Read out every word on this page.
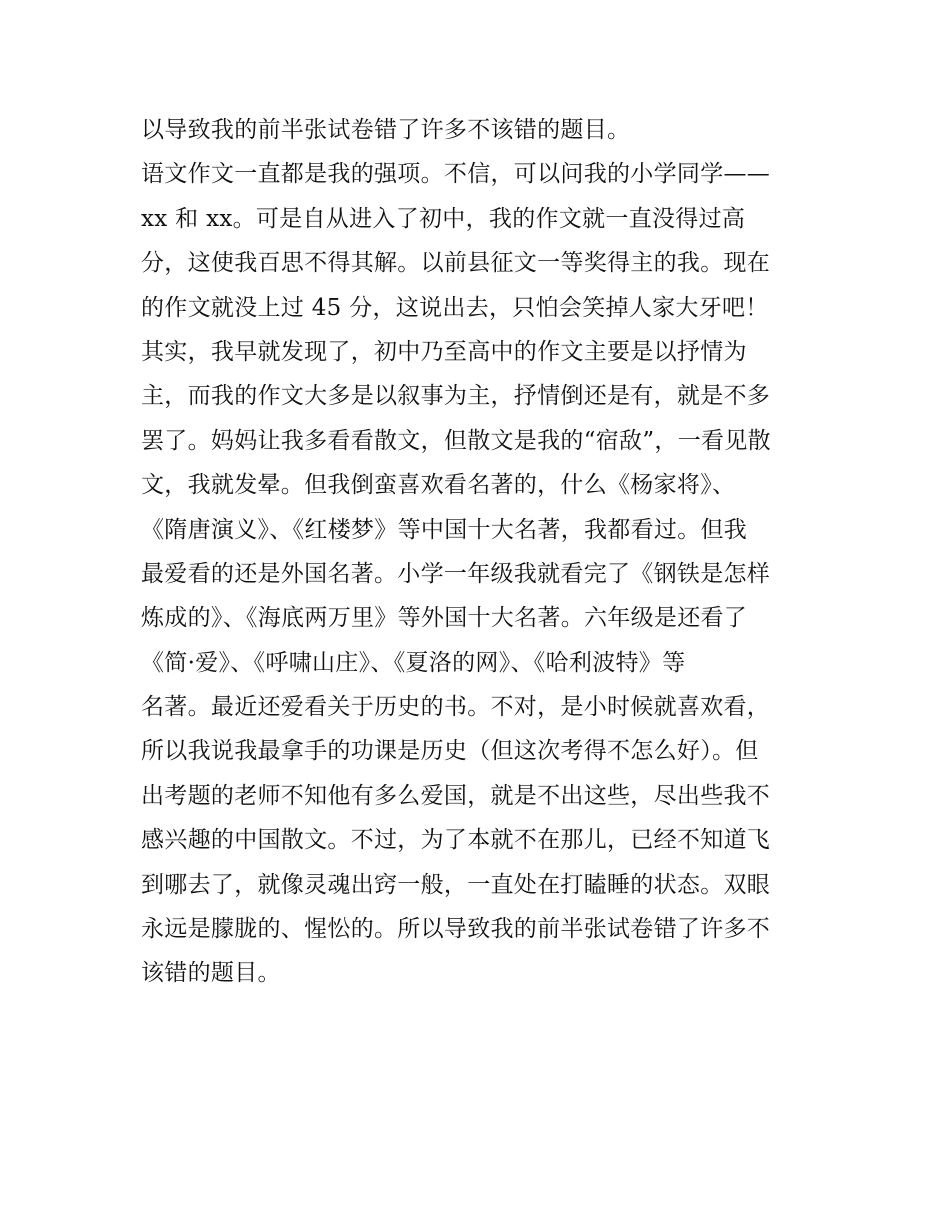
以导致我的前半张试卷错了许多不该错的题目。
语文作文一直都是我的强项。不信，可以问我的小学同学——
xx 和 xx。可是自从进入了初中，我的作文就一直没得过高
分，这使我百思不得其解。以前县征文一等奖得主的我。现在
的作文就没上过 45 分，这说出去，只怕会笑掉人家大牙吧！
其实，我早就发现了，初中乃至高中的作文主要是以抒情为
主，而我的作文大多是以叙事为主，抒情倒还是有，就是不多
罢了。妈妈让我多看看散文，但散文是我的“宿敌”，一看见散
文，我就发晕。但我倒蛮喜欢看名著的，什么《杨家将》、
《隋唐演义》、《红楼梦》等中国十大名著，我都看过。但我
最爱看的还是外国名著。小学一年级我就看完了《钢铁是怎样
炼成的》、《海底两万里》等外国十大名著。六年级是还看了
《简·爱》、《呼啸山庄》、《夏洛的网》、《哈利波特》等
名著。最近还爱看关于历史的书。不对，是小时候就喜欢看，
所以我说我最拿手的功课是历史（但这次考得不怎么好）。但
出考题的老师不知他有多么爱国，就是不出这些，尽出些我不
感兴趣的中国散文。不过，为了本就不在那儿，已经不知道飞
到哪去了，就像灵魂出窍一般，一直处在打瞌睡的状态。双眼
永远是朦胧的、惺忪的。所以导致我的前半张试卷错了许多不
该错的题目。
